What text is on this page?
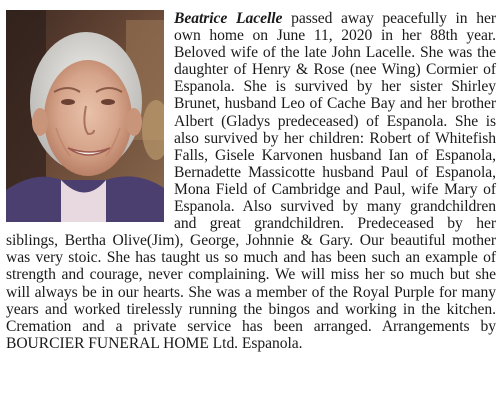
Beatrice Lacelle passed away peacefully in her own home on June 11, 2020 in her 88th year. Beloved wife of the late John Lacelle. She was the daughter of Henry & Rose (nee Wing) Cormier of Espanola. She is survived by her sister Shirley Brunet, husband Leo of Cache Bay and her brother Albert (Gladys predeceased) of Espanola. She is also survived by her children: Robert of Whitefish Falls, Gisele Karvonen husband Ian of Espanola, Bernadette Massicotte husband Paul of Espanola, Mona Field of Cambridge and Paul, wife Mary of Espanola. Also survived by many grandchildren and great grandchildren. Predeceased by her siblings, Bertha Olive(Jim), George, Johnnie & Gary. Our beautiful mother was very stoic. She has taught us so much and has been such an example of strength and courage, never complaining. We will miss her so much but she will always be in our hearts. She was a member of the Royal Purple for many years and worked tirelessly running the bingos and working in the kitchen. Cremation and a private service has been arranged. Arrangements by BOURCIER FUNERAL HOME Ltd. Espanola.
